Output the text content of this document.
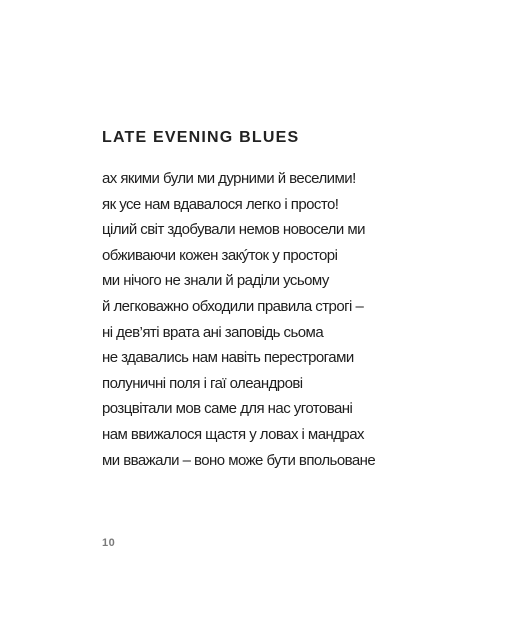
LATE EVENING BLUES
ах якими були ми дурними й веселими!
як усе нам вдавалося легко і просто!
цілий світ здобували немов новосели ми
обживаючи кожен закýток у просторі
ми нічого не знали й раділи усьому
й легковажно обходили правила строгі –
ні дев’яті врата ані заповідь сьома
не здавались нам навіть перестрогами
полуничні поля і гаї олеандрові
розцвітали мов саме для нас уготовані
нам ввижалося щастя у ловах і мандрах
ми вважали – воно може бути впольоване
10
